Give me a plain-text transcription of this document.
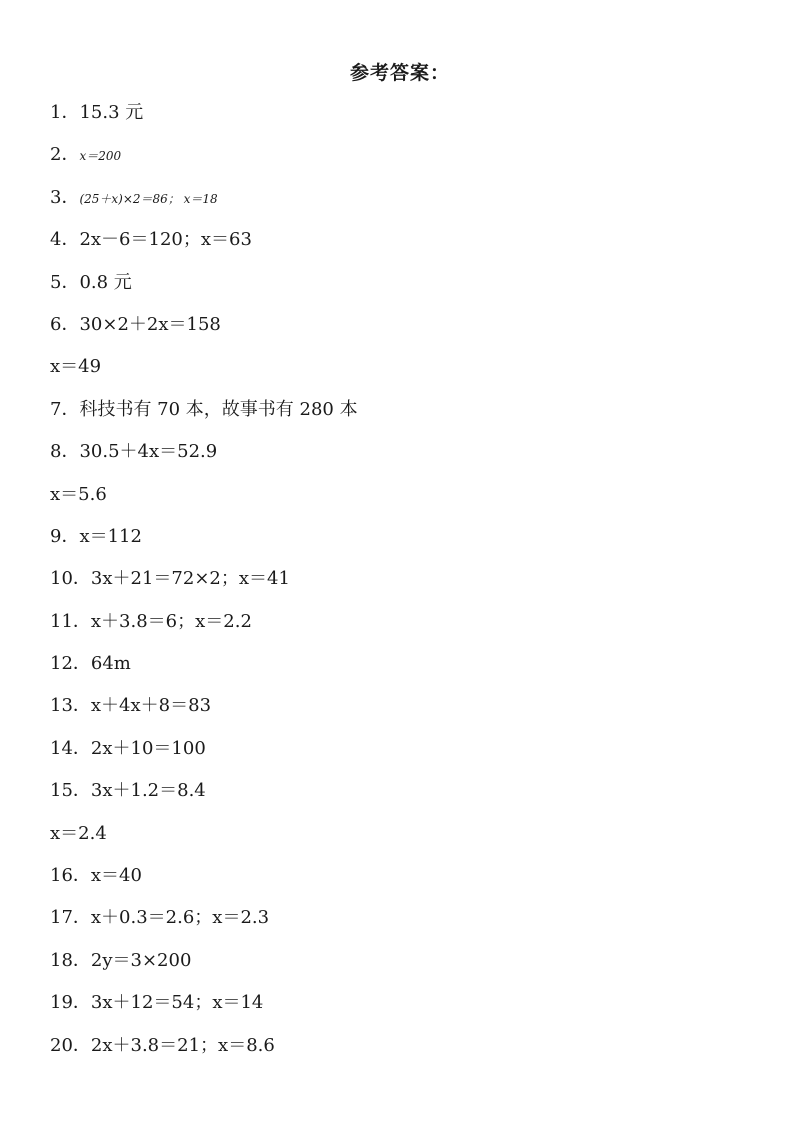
参考答案：
1．15.3 元
2．x＝200
3．(25＋x)×2＝86； x＝18
4．2x－6＝120；x＝63
5．0.8 元
6．30×2＋2x＝158
x＝49
7．科技书有 70 本，故事书有 280 本
8．30.5＋4x＝52.9
x＝5.6
9．x＝112
10．3x＋21＝72×2；x＝41
11．x＋3.8＝6；x＝2.2
12．64m
13．x＋4x＋8＝83
14．2x＋10＝100
15．3x＋1.2＝8.4
x＝2.4
16．x＝40
17．x＋0.3＝2.6；x＝2.3
18．2y＝3×200
19．3x＋12＝54；x＝14
20．2x＋3.8＝21；x＝8.6
